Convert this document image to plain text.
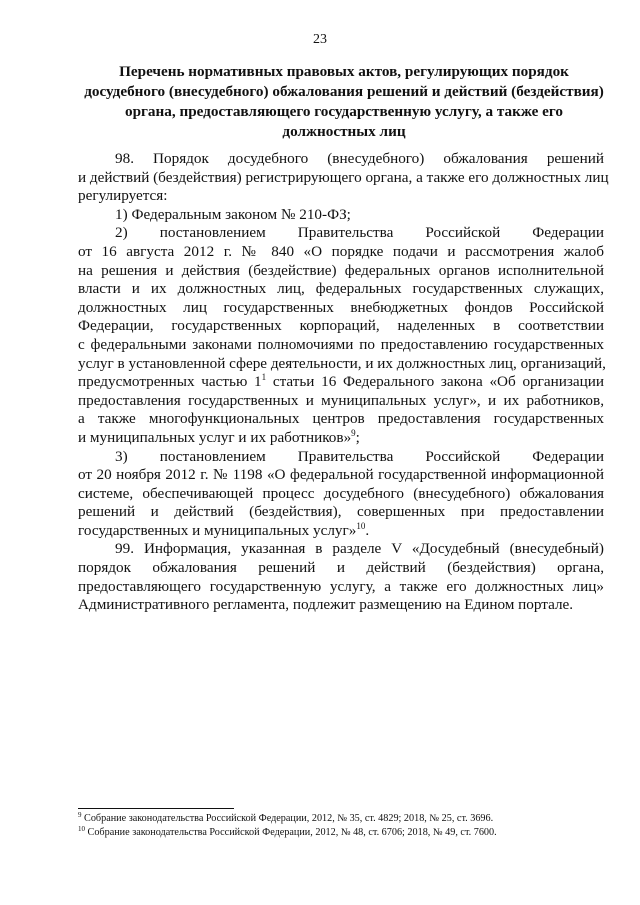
23
Перечень нормативных правовых актов, регулирующих порядок
досудебного (внесудебного) обжалования решений и действий (бездействия)
органа, предоставляющего государственную услугу, а также его
должностных лиц
98. Порядок досудебного (внесудебного) обжалования решений
и действий (бездействия) регистрирующего органа, а также его должностных лиц
регулируется:
1) Федеральным законом № 210-ФЗ;
2) постановлением Правительства Российской Федерации
от 16 августа 2012 г. № 840 «О порядке подачи и рассмотрения жалоб
на решения и действия (бездействие) федеральных органов исполнительной
власти и их должностных лиц, федеральных государственных служащих,
должностных лиц государственных внебюджетных фондов Российской
Федерации, государственных корпораций, наделенных в соответствии
с федеральными законами полномочиями по предоставлению государственных
услуг в установленной сфере деятельности, и их должностных лиц, организаций,
предусмотренных частью $1^1$ статьи 16 Федерального закона «Об организации
предоставления государственных и муниципальных услуг», и их работников,
а также многофункциональных центров предоставления государственных
и муниципальных услуг и их работников»$^9$;
3) постановлением Правительства Российской Федерации
от 20 ноября 2012 г. № 1198 «О федеральной государственной информационной
системе, обеспечивающей процесс досудебного (внесудебного) обжалования
решений и действий (бездействия), совершенных при предоставлении
государственных и муниципальных услуг»$^{10}$.
99. Информация, указанная в разделе V «Досудебный (внесудебный)
порядок обжалования решений и действий (бездействия) органа,
предоставляющего государственную услугу, а также его должностных лиц»
Административного регламента, подлежит размещению на Едином портале.
$^9$ Собрание законодательства Российской Федерации, 2012, № 35, ст. 4829; 2018, № 25, ст. 3696.
$^{10}$ Собрание законодательства Российской Федерации, 2012, № 48, ст. 6706; 2018, № 49, ст. 7600.
